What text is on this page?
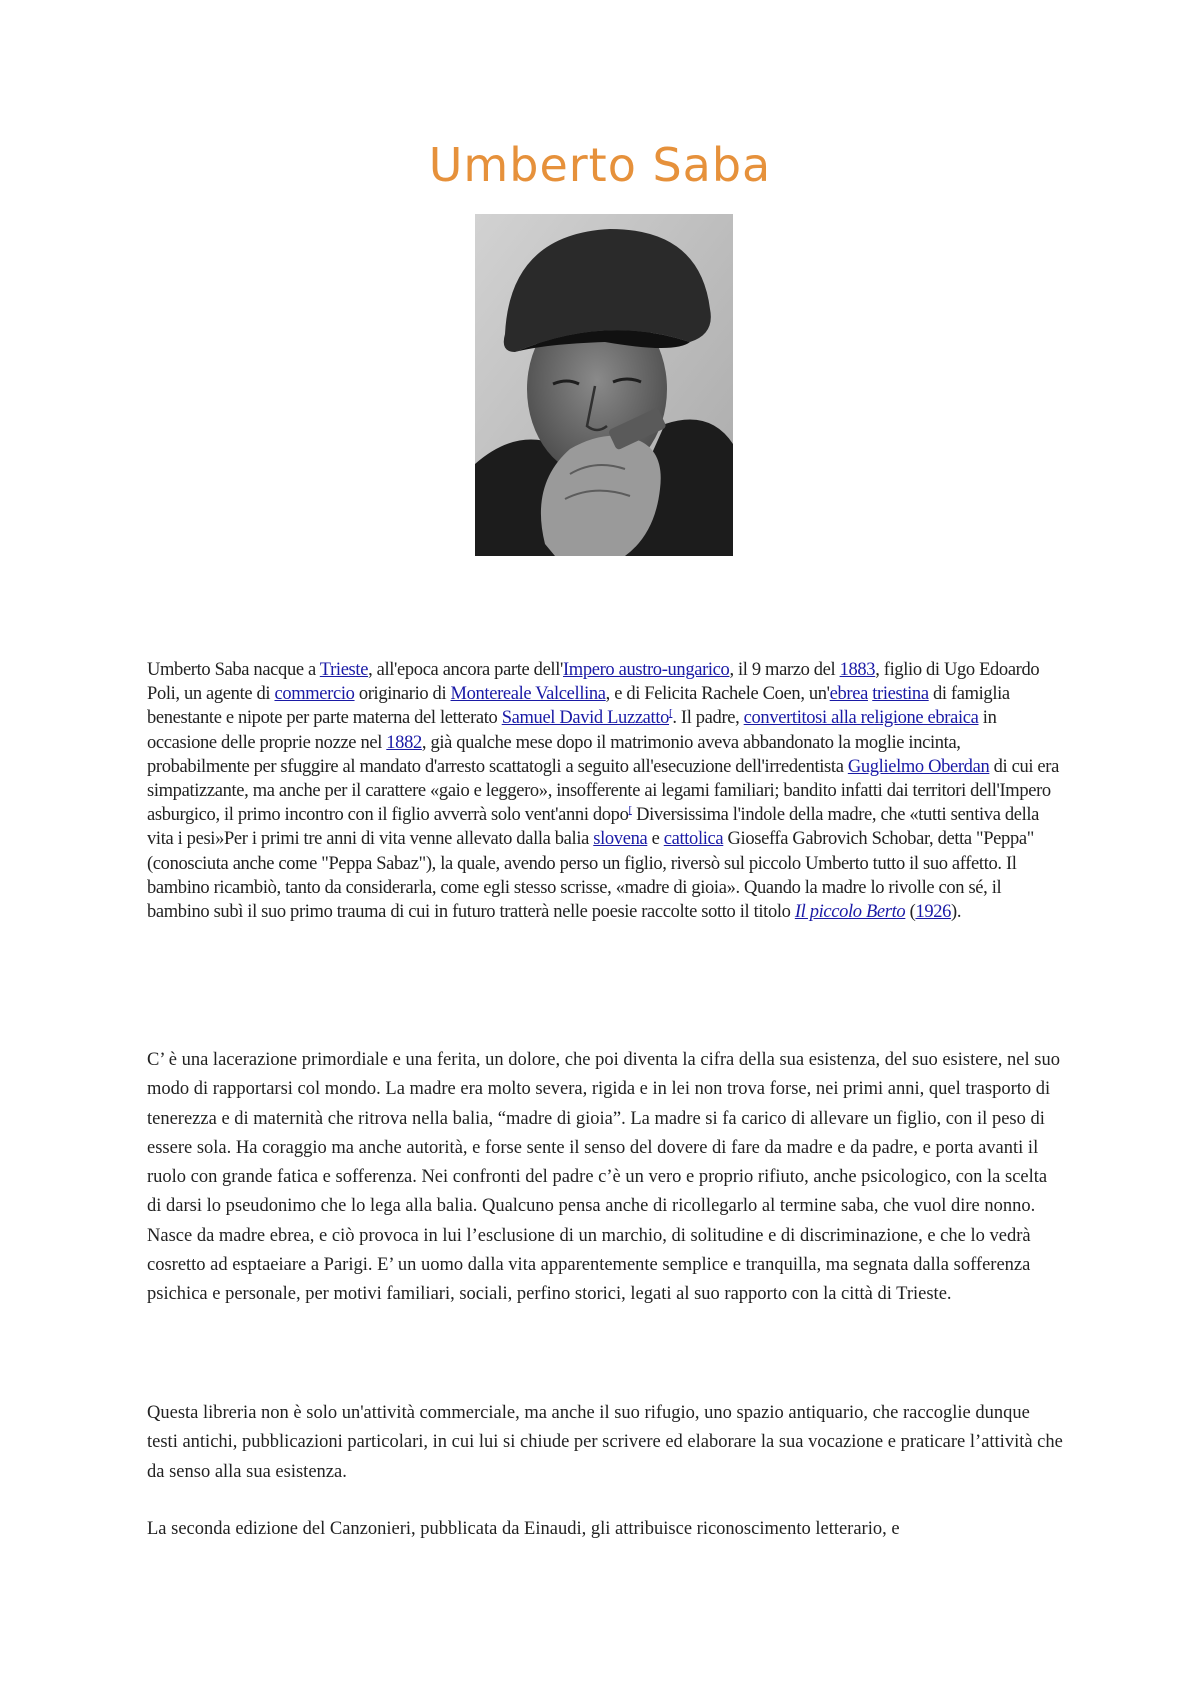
Umberto Saba

Umberto Saba nacque a Trieste, all'epoca ancora parte dell'Impero austro-ungarico, il 9 marzo del 1883, figlio di Ugo Edoardo Poli, un agente di commercio originario di Montereale Valcellina, e di Felicita Rachele Coen, un'ebrea triestina di famiglia benestante e nipote per parte materna del letterato Samuel David Luzzatto[. Il padre, convertitosi alla religione ebraica in occasione delle proprie nozze nel 1882, già qualche mese dopo il matrimonio aveva abbandonato la moglie incinta, probabilmente per sfuggire al mandato d'arresto scattatogli a seguito all'esecuzione dell'irredentista Guglielmo Oberdan di cui era simpatizzante, ma anche per il carattere «gaio e leggero», insofferente ai legami familiari; bandito infatti dai territori dell'Impero asburgico, il primo incontro con il figlio avverrà solo vent'anni dopo[ Diversissima l'indole della madre, che «tutti sentiva della vita i pesi»Per i primi tre anni di vita venne allevato dalla balia slovena e cattolica Gioseffa Gabrovich Schobar, detta "Peppa" (conosciuta anche come "Peppa Sabaz"), la quale, avendo perso un figlio, riversò sul piccolo Umberto tutto il suo affetto. Il bambino ricambiò, tanto da considerarla, come egli stesso scrisse, «madre di gioia». Quando la madre lo rivolle con sé, il bambino subì il suo primo trauma di cui in futuro tratterà nelle poesie raccolte sotto il titolo Il piccolo Berto (1926).

C’ è una lacerazione primordiale e una ferita, un dolore, che poi diventa la cifra della sua esistenza, del suo esistere, nel suo modo di rapportarsi col mondo. La madre era molto severa, rigida e in lei non trova forse, nei primi anni, quel trasporto di tenerezza e di maternità che ritrova nella balia, “madre di gioia”. La madre si fa carico di allevare un figlio, con il peso di essere sola. Ha coraggio ma anche autorità, e forse sente il senso del dovere di fare da madre e da padre, e porta avanti il ruolo con grande fatica e sofferenza. Nei confronti del padre c’è un vero e proprio rifiuto, anche psicologico, con la scelta di darsi lo pseudonimo che lo lega alla balia. Qualcuno pensa anche di ricollegarlo al termine saba, che vuol dire nonno. Nasce da madre ebrea, e ciò provoca in lui l’esclusione di un marchio, di solitudine e di discriminazione, e che lo vedrà cosretto ad esptaeiare a Parigi. E’ un uomo dalla vita apparentemente semplice e tranquilla, ma segnata dalla sofferenza psichica e personale, per motivi familiari, sociali, perfino storici, legati al suo rapporto con la città di Trieste.

Questa libreria non è solo un'attività commerciale, ma anche il suo rifugio, uno spazio antiquario, che raccoglie dunque testi antichi, pubblicazioni particolari, in cui lui si chiude per scrivere ed elaborare la sua vocazione e praticare l’attività che da senso alla sua esistenza.

La seconda edizione del Canzonieri, pubblicata da Einaudi, gli attribuisce riconoscimento letterario, e
